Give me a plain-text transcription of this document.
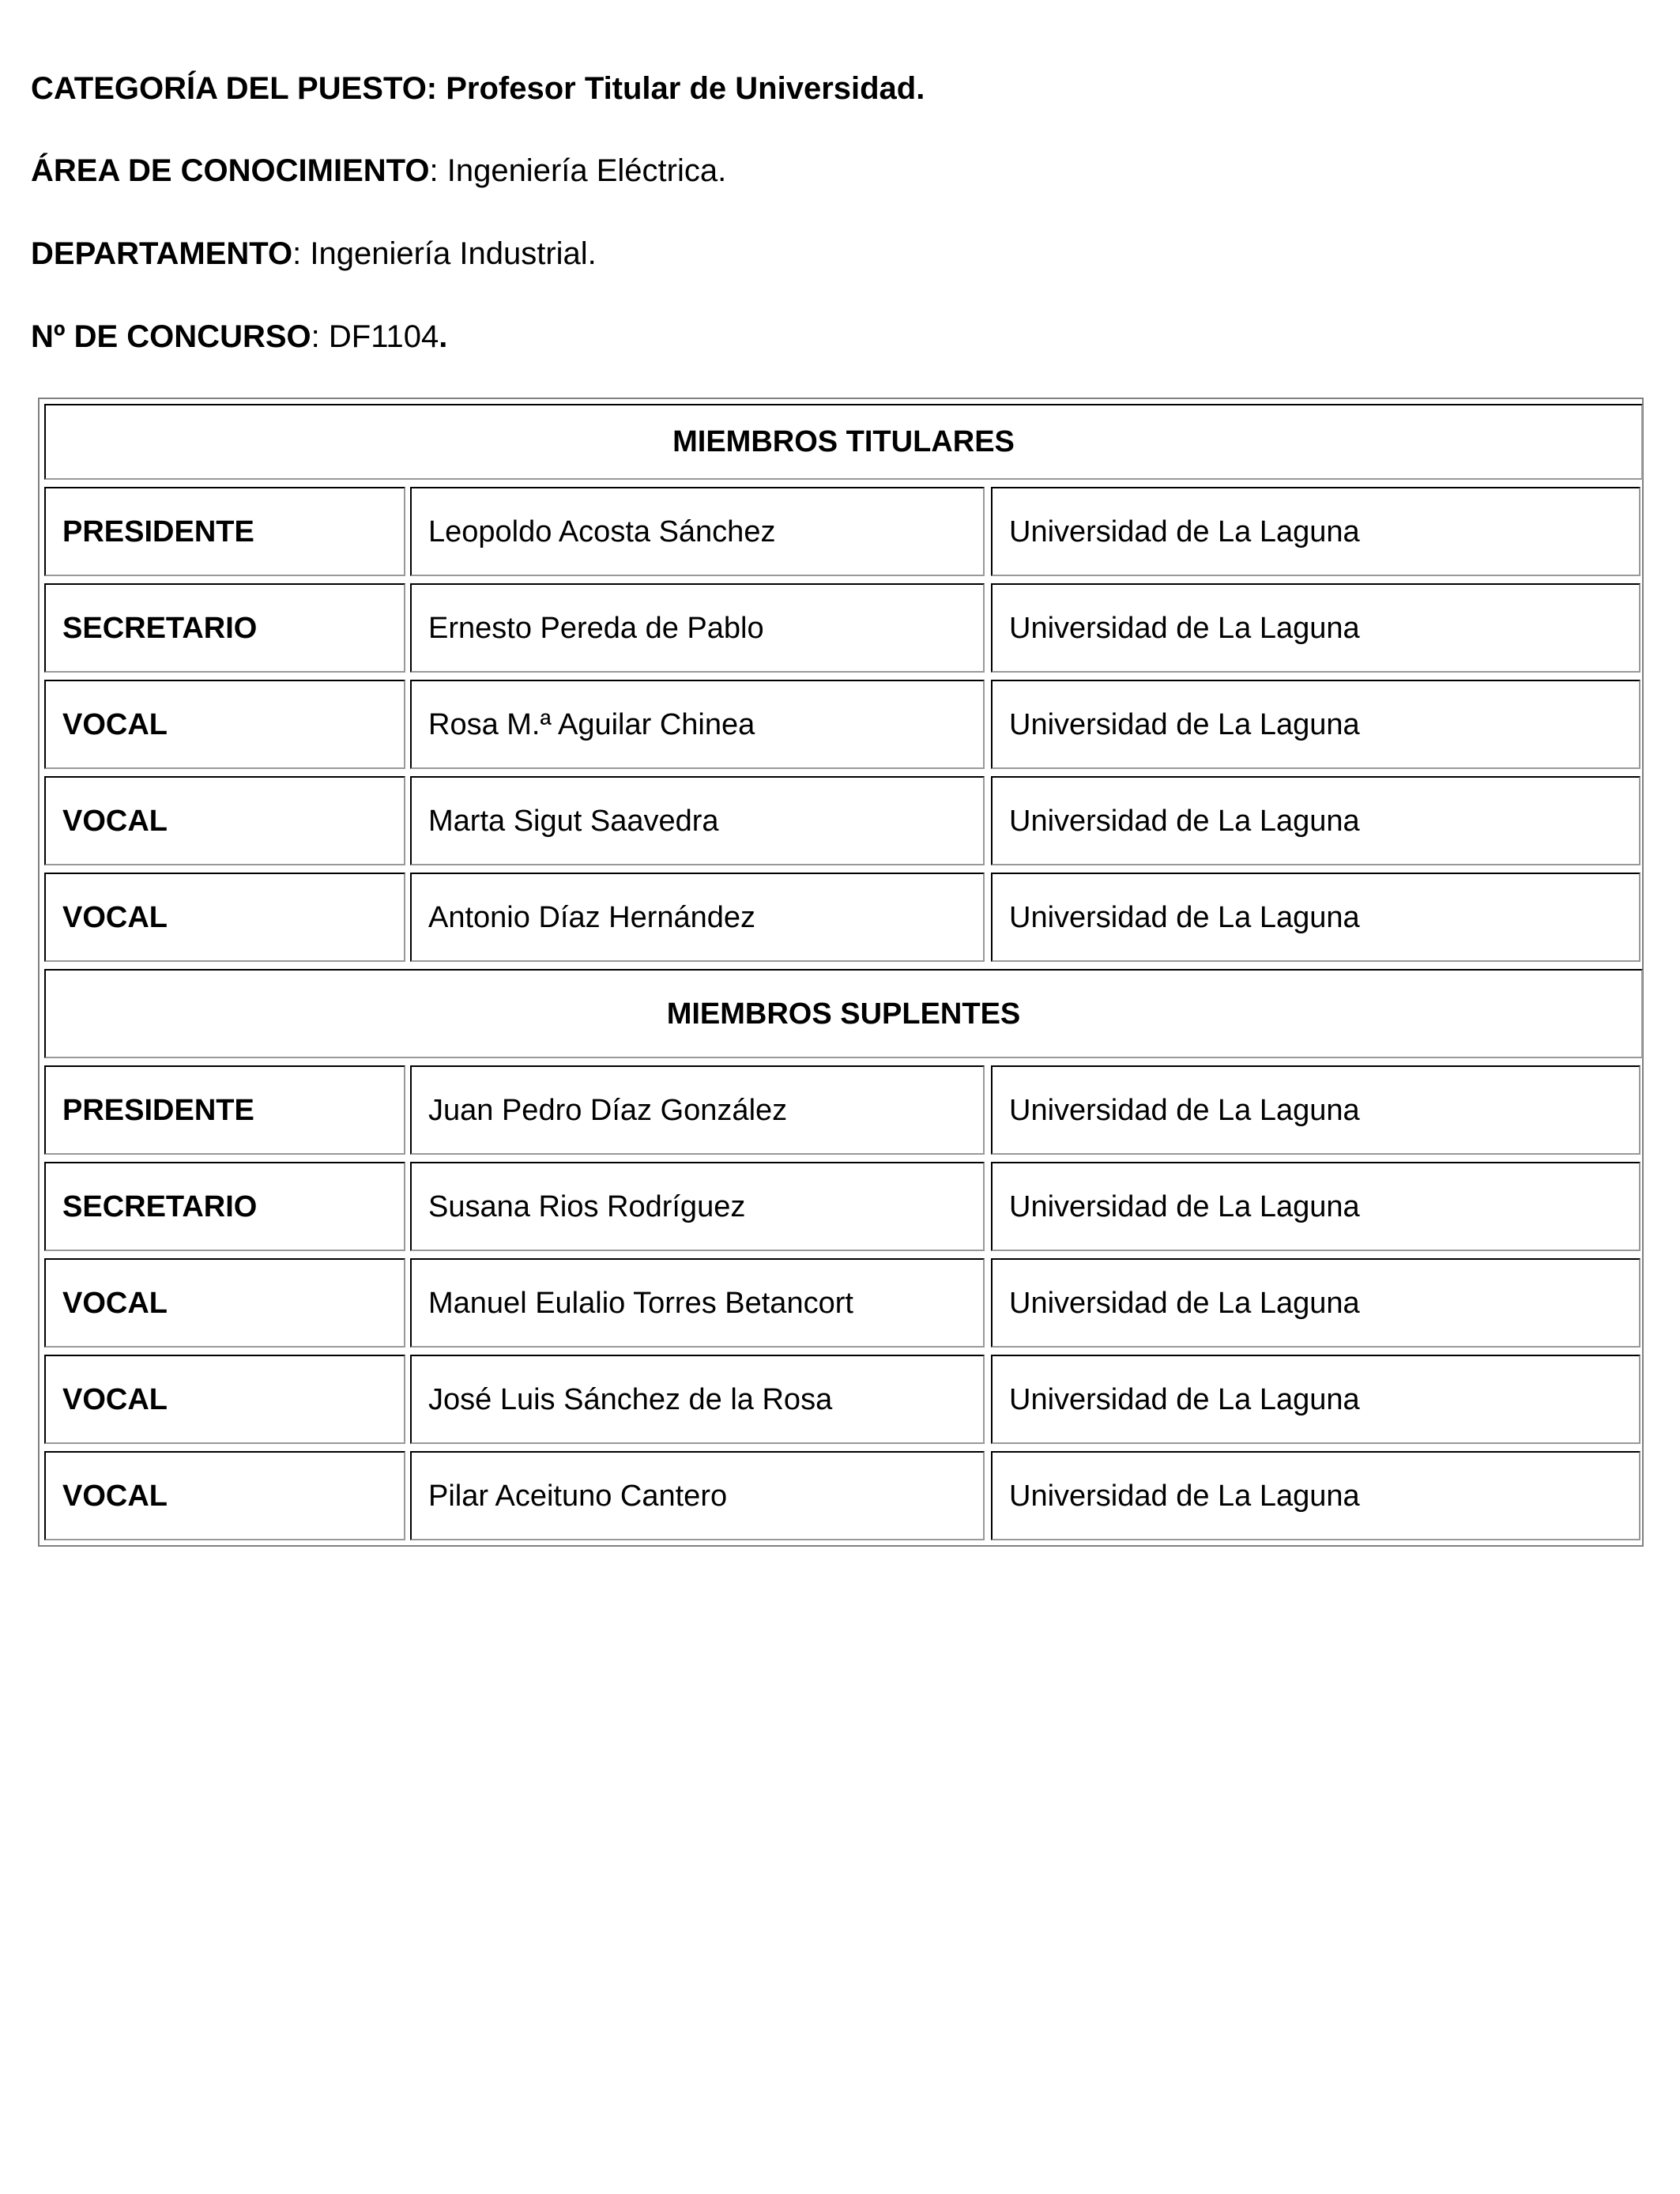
CATEGORÍA DEL PUESTO: Profesor Titular de Universidad.
ÁREA DE CONOCIMIENTO: Ingeniería Eléctrica.
DEPARTAMENTO: Ingeniería Industrial.
Nº DE CONCURSO: DF1104.
MIEMBROS TITULARES
PRESIDENTE	Leopoldo Acosta Sánchez	Universidad de La Laguna
SECRETARIO	Ernesto Pereda de Pablo	Universidad de La Laguna
VOCAL	Rosa M.ª Aguilar Chinea	Universidad de La Laguna
VOCAL	Marta Sigut Saavedra	Universidad de La Laguna
VOCAL	Antonio Díaz Hernández	Universidad de La Laguna
MIEMBROS SUPLENTES
PRESIDENTE	Juan Pedro Díaz González	Universidad de La Laguna
SECRETARIO	Susana Rios Rodríguez	Universidad de La Laguna
VOCAL	Manuel Eulalio Torres Betancort	Universidad de La Laguna
VOCAL	José Luis Sánchez de la Rosa	Universidad de La Laguna
VOCAL	Pilar Aceituno Cantero	Universidad de La Laguna
